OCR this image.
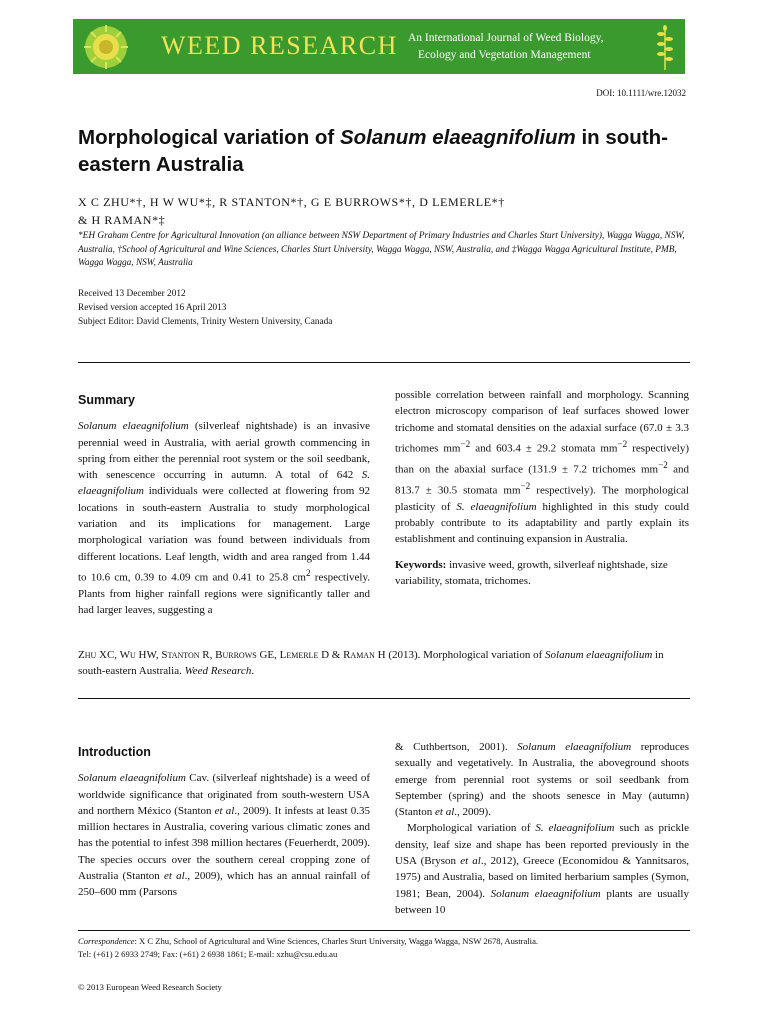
WEED RESEARCH An International Journal of Weed Biology,
Ecology and Vegetation Management
DOI: 10.1111/wre.12032
Morphological variation of Solanum elaeagnifolium in south-eastern Australia
X C ZHU*†, H W WU*‡, R STANTON*†, G E BURROWS*†, D LEMERLE*†
& H RAMAN*‡
*EH Graham Centre for Agricultural Innovation (an alliance between NSW Department of Primary Industries and Charles Sturt University), Wagga Wagga, NSW, Australia, †School of Agricultural and Wine Sciences, Charles Sturt University, Wagga Wagga, NSW, Australia, and ‡Wagga Wagga Agricultural Institute, PMB, Wagga Wagga, NSW, Australia
Received 13 December 2012
Revised version accepted 16 April 2013
Subject Editor: David Clements, Trinity Western University, Canada
Summary

Solanum elaeagnifolium (silverleaf nightshade) is an invasive perennial weed in Australia, with aerial growth commencing in spring from either the perennial root system or the soil seedbank, with senescence occurring in autumn. A total of 642 S. elaeagnifolium individuals were collected at flowering from 92 locations in south-eastern Australia to study morphological variation and its implications for management. Large morphological variation was found between individuals from different locations. Leaf length, width and area ranged from 1.44 to 10.6 cm, 0.39 to 4.09 cm and 0.41 to 25.8 $cm^2$ respectively. Plants from higher rainfall regions were significantly taller and had larger leaves, suggesting a

possible correlation between rainfall and morphology. Scanning electron microscopy comparison of leaf surfaces showed lower trichome and stomatal densities on the adaxial surface (67.0 ± 3.3 trichomes $mm^{-2}$ and 603.4 ± 29.2 stomata $mm^{-2}$ respectively) than on the abaxial surface (131.9 ± 7.2 trichomes $mm^{-2}$ and 813.7 ± 30.5 stomata $mm^{-2}$ respectively). The morphological plasticity of S. elaeagnifolium highlighted in this study could probably contribute to its adaptability and partly explain its establishment and continuing expansion in Australia.

Keywords: invasive weed, growth, silverleaf nightshade, size variability, stomata, trichomes.

Zhu XC, Wu HW, Stanton R, Burrows GE, Lemerle D & Raman H (2013). Morphological variation of Solanum elaeagnifolium in south-eastern Australia. Weed Research.
Introduction

Solanum elaeagnifolium Cav. (silverleaf nightshade) is a weed of worldwide significance that originated from south-western USA and northern México (Stanton et al., 2009). It infests at least 0.35 million hectares in Australia, covering various climatic zones and has the potential to infest 398 million hectares (Feuerherdt, 2009). The species occurs over the southern cereal cropping zone of Australia (Stanton et al., 2009), which has an annual rainfall of 250–600 mm (Parsons

& Cuthbertson, 2001). Solanum elaeagnifolium reproduces sexually and vegetatively. In Australia, the aboveground shoots emerge from perennial root systems or soil seedbank from September (spring) and the shoots senesce in May (autumn) (Stanton et al., 2009).

Morphological variation of S. elaeagnifolium such as prickle density, leaf size and shape has been reported previously in the USA (Bryson et al., 2012), Greece (Economidou & Yannitsaros, 1975) and Australia, based on limited herbarium samples (Symon, 1981; Bean, 2004). Solanum elaeagnifolium plants are usually between 10

Correspondence: X C Zhu, School of Agricultural and Wine Sciences, Charles Sturt University, Wagga Wagga, NSW 2678, Australia.
Tel: (+61) 2 6933 2749; Fax: (+61) 2 6938 1861; E-mail: xzhu@csu.edu.au
© 2013 European Weed Research Society
